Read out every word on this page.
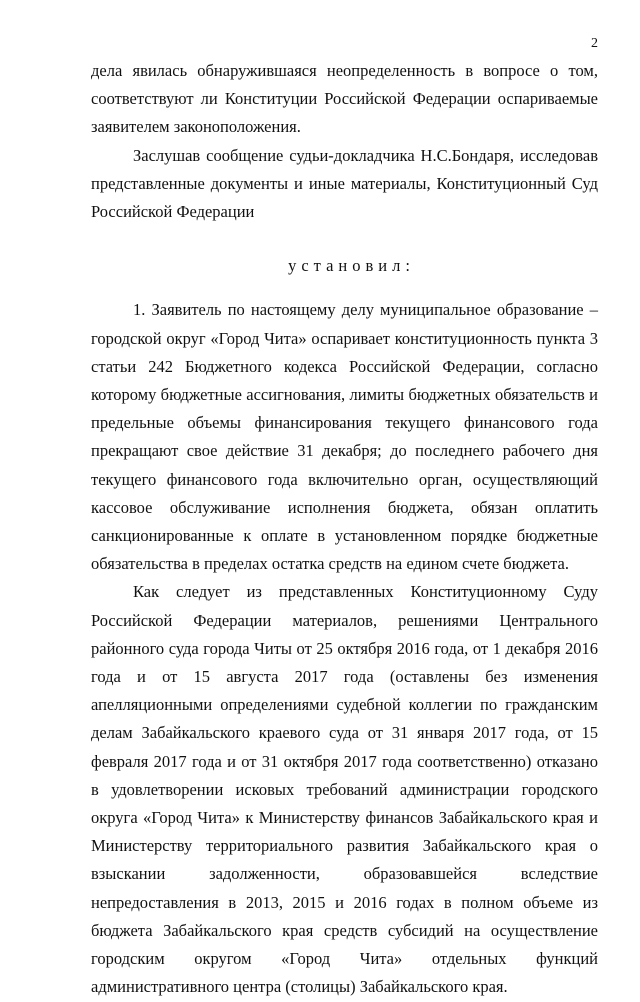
2

дела явилась обнаружившаяся неопределенность в вопросе о том, соответствуют ли Конституции Российской Федерации оспариваемые заявителем законоположения.

Заслушав сообщение судьи-докладчика Н.С.Бондаря, исследовав представленные документы и иные материалы, Конституционный Суд Российской Федерации

установил:

1. Заявитель по настоящему делу муниципальное образование – городской округ «Город Чита» оспаривает конституционность пункта 3 статьи 242 Бюджетного кодекса Российской Федерации, согласно которому бюджетные ассигнования, лимиты бюджетных обязательств и предельные объемы финансирования текущего финансового года прекращают свое действие 31 декабря; до последнего рабочего дня текущего финансового года включительно орган, осуществляющий кассовое обслуживание исполнения бюджета, обязан оплатить санкционированные к оплате в установленном порядке бюджетные обязательства в пределах остатка средств на едином счете бюджета.

Как следует из представленных Конституционному Суду Российской Федерации материалов, решениями Центрального районного суда города Читы от 25 октября 2016 года, от 1 декабря 2016 года и от 15 августа 2017 года (оставлены без изменения апелляционными определениями судебной коллегии по гражданским делам Забайкальского краевого суда от 31 января 2017 года, от 15 февраля 2017 года и от 31 октября 2017 года соответственно) отказано в удовлетворении исковых требований администрации городского округа «Город Чита» к Министерству финансов Забайкальского края и Министерству территориального развития Забайкальского края о взыскании задолженности, образовавшейся вследствие непредоставления в 2013, 2015 и 2016 годах в полном объеме из бюджета Забайкальского края средств субсидий на осуществление городским округом «Город Чита» отдельных функций административного центра (столицы) Забайкальского края.
